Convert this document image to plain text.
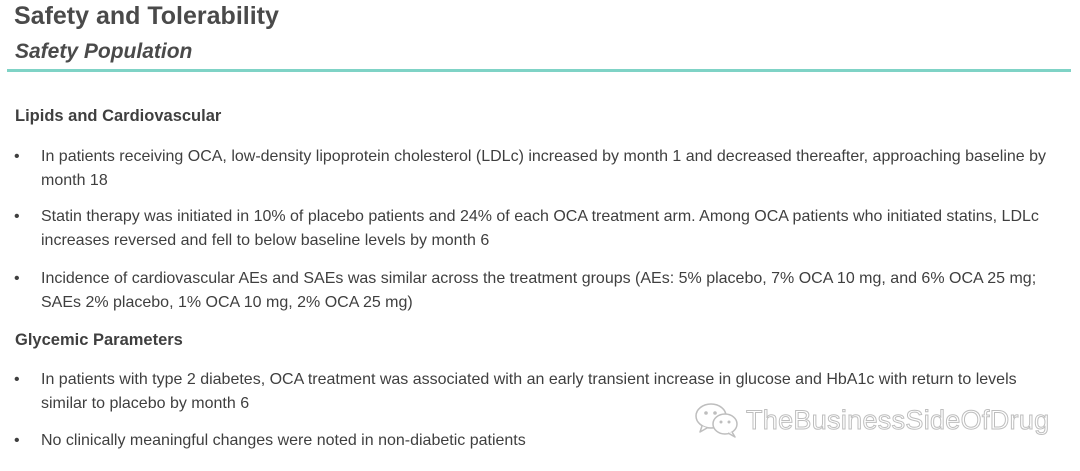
Safety and Tolerability
Safety Population
Lipids and Cardiovascular
•	In patients receiving OCA, low-density lipoprotein cholesterol (LDLc) increased by month 1 and decreased thereafter, approaching baseline by month 18
•	Statin therapy was initiated in 10% of placebo patients and 24% of each OCA treatment arm. Among OCA patients who initiated statins, LDLc increases reversed and fell to below baseline levels by month 6
•	Incidence of cardiovascular AEs and SAEs was similar across the treatment groups (AEs: 5% placebo, 7% OCA 10 mg, and 6% OCA 25 mg; SAEs 2% placebo, 1% OCA 10 mg, 2% OCA 25 mg)
Glycemic Parameters
•	In patients with type 2 diabetes, OCA treatment was associated with an early transient increase in glucose and HbA1c with return to levels similar to placebo by month 6
•	No clinically meaningful changes were noted in non-diabetic patients
TheBusinessSideOfDrug
